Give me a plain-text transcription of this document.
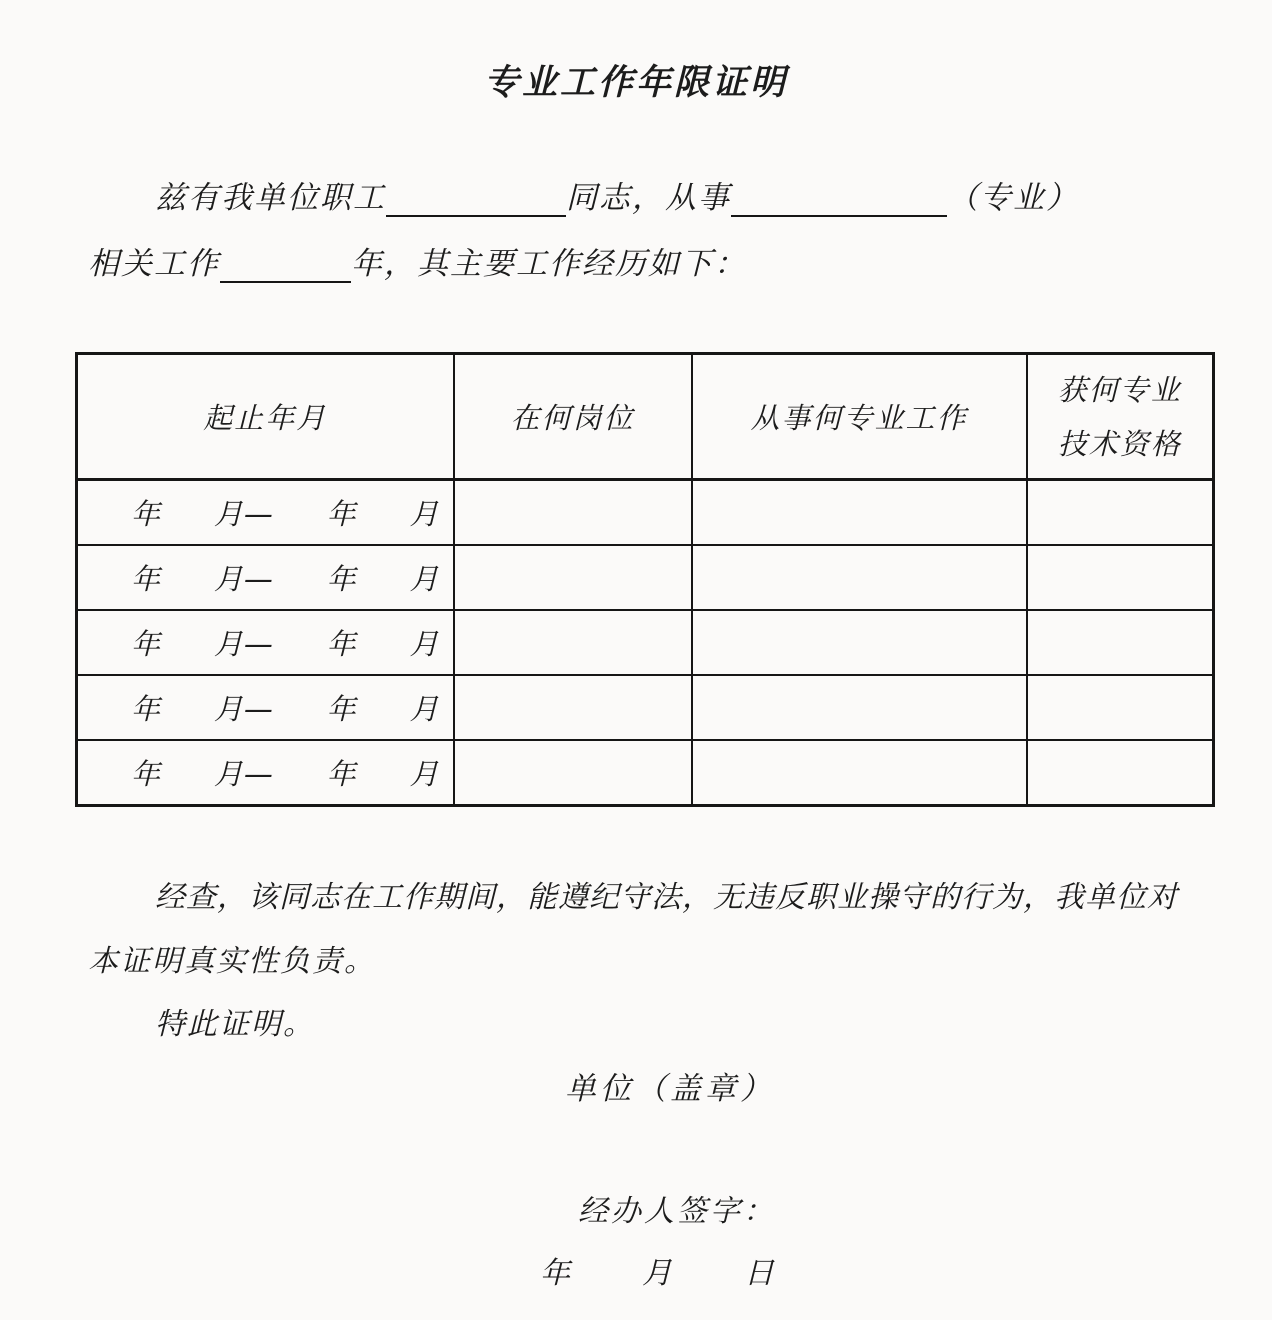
专业工作年限证明
兹有我单位职工	同志，从事	（专业）
相关工作	年，其主要工作经历如下：
起止年月	在何岗位	从事何专业工作	获何专业技术资格

年 月— 年 月			

年 月— 年 月			

年 月— 年 月			

年 月— 年 月			

年 月— 年 月			

经查，该同志在工作期间，能遵纪守法，无违反职业操守的行为，我单位对
本证明真实性负责。
特此证明。
单位（盖章）
经办人签字：
年 月 日
